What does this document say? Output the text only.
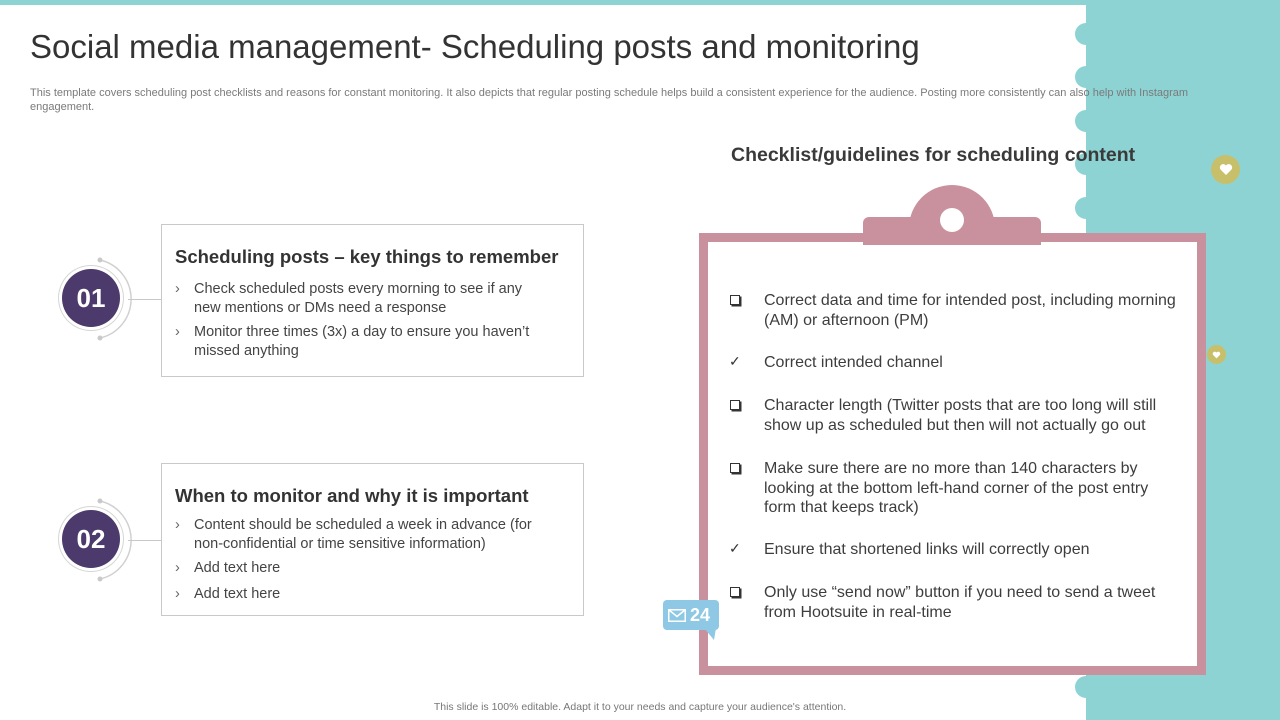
Social media management- Scheduling posts and monitoring

This template covers scheduling post checklists and reasons for constant monitoring. It also depicts that regular posting schedule helps build a consistent experience for the audience. Posting more consistently can also help with Instagram engagement.

01
Scheduling posts – key things to remember
› Check scheduled posts every morning to see if any
new mentions or DMs need a response
› Monitor three times (3x) a day to ensure you haven’t
missed anything
02
When to monitor and why it is important
› Content should be scheduled a week in advance (for
non-confidential or time sensitive information)
› Add text here
› Add text here
Checklist/guidelines for scheduling content
Correct data and time for intended post, including morning
(AM) or afternoon (PM)
✓ Correct intended channel
Character length (Twitter posts that are too long will still
show up as scheduled but then will not actually go out
Make sure there are no more than 140 characters by
looking at the bottom left-hand corner of the post entry
form that keeps track)
✓ Ensure that shortened links will correctly open
Only use “send now” button if you need to send a tweet
from Hootsuite in real-time
24
This slide is 100% editable. Adapt it to your needs and capture your audience's attention.
